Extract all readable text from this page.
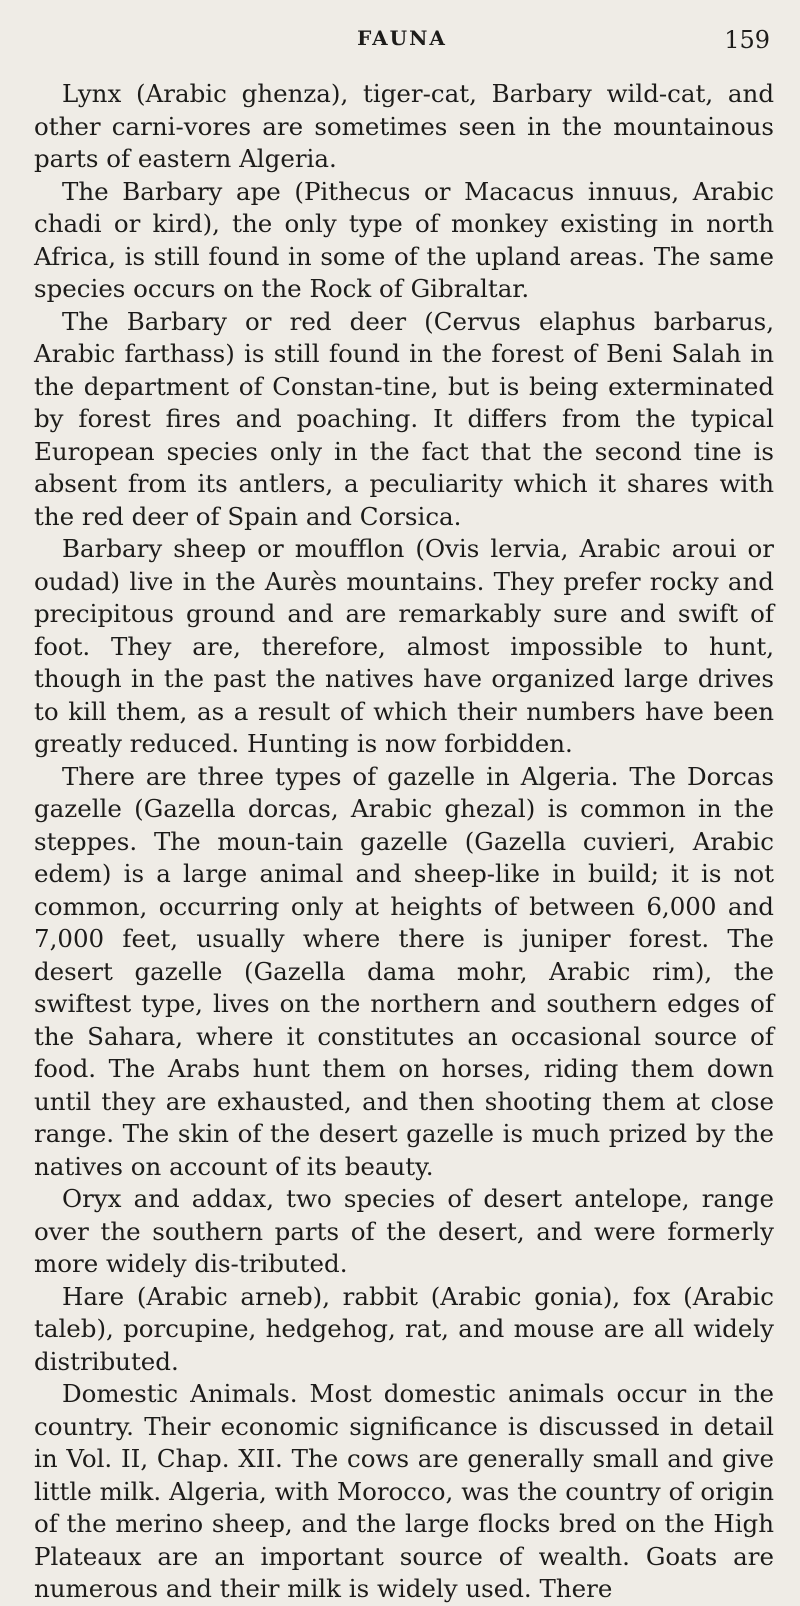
FAUNA	159

Lynx (Arabic ghenza), tiger-cat, Barbary wild-cat, and other carni-vores are sometimes seen in the mountainous parts of eastern Algeria.

The Barbary ape (Pithecus or Macacus innuus, Arabic chadi or kird), the only type of monkey existing in north Africa, is still found in some of the upland areas. The same species occurs on the Rock of Gibraltar.

The Barbary or red deer (Cervus elaphus barbarus, Arabic farthass) is still found in the forest of Beni Salah in the department of Constan-tine, but is being exterminated by forest fires and poaching. It differs from the typical European species only in the fact that the second tine is absent from its antlers, a peculiarity which it shares with the red deer of Spain and Corsica.

Barbary sheep or moufflon (Ovis lervia, Arabic aroui or oudad) live in the Aurès mountains. They prefer rocky and precipitous ground and are remarkably sure and swift of foot. They are, therefore, almost impossible to hunt, though in the past the natives have organized large drives to kill them, as a result of which their numbers have been greatly reduced. Hunting is now forbidden.

There are three types of gazelle in Algeria. The Dorcas gazelle (Gazella dorcas, Arabic ghezal) is common in the steppes. The moun-tain gazelle (Gazella cuvieri, Arabic edem) is a large animal and sheep-like in build; it is not common, occurring only at heights of between 6,000 and 7,000 feet, usually where there is juniper forest. The desert gazelle (Gazella dama mohr, Arabic rim), the swiftest type, lives on the northern and southern edges of the Sahara, where it constitutes an occasional source of food. The Arabs hunt them on horses, riding them down until they are exhausted, and then shooting them at close range. The skin of the desert gazelle is much prized by the natives on account of its beauty.

Oryx and addax, two species of desert antelope, range over the southern parts of the desert, and were formerly more widely dis-tributed.

Hare (Arabic arneb), rabbit (Arabic gonia), fox (Arabic taleb), porcupine, hedgehog, rat, and mouse are all widely distributed.

Domestic Animals. Most domestic animals occur in the country. Their economic significance is discussed in detail in Vol. II, Chap. XII. The cows are generally small and give little milk. Algeria, with Morocco, was the country of origin of the merino sheep, and the large flocks bred on the High Plateaux are an important source of wealth. Goats are numerous and their milk is widely used. There
